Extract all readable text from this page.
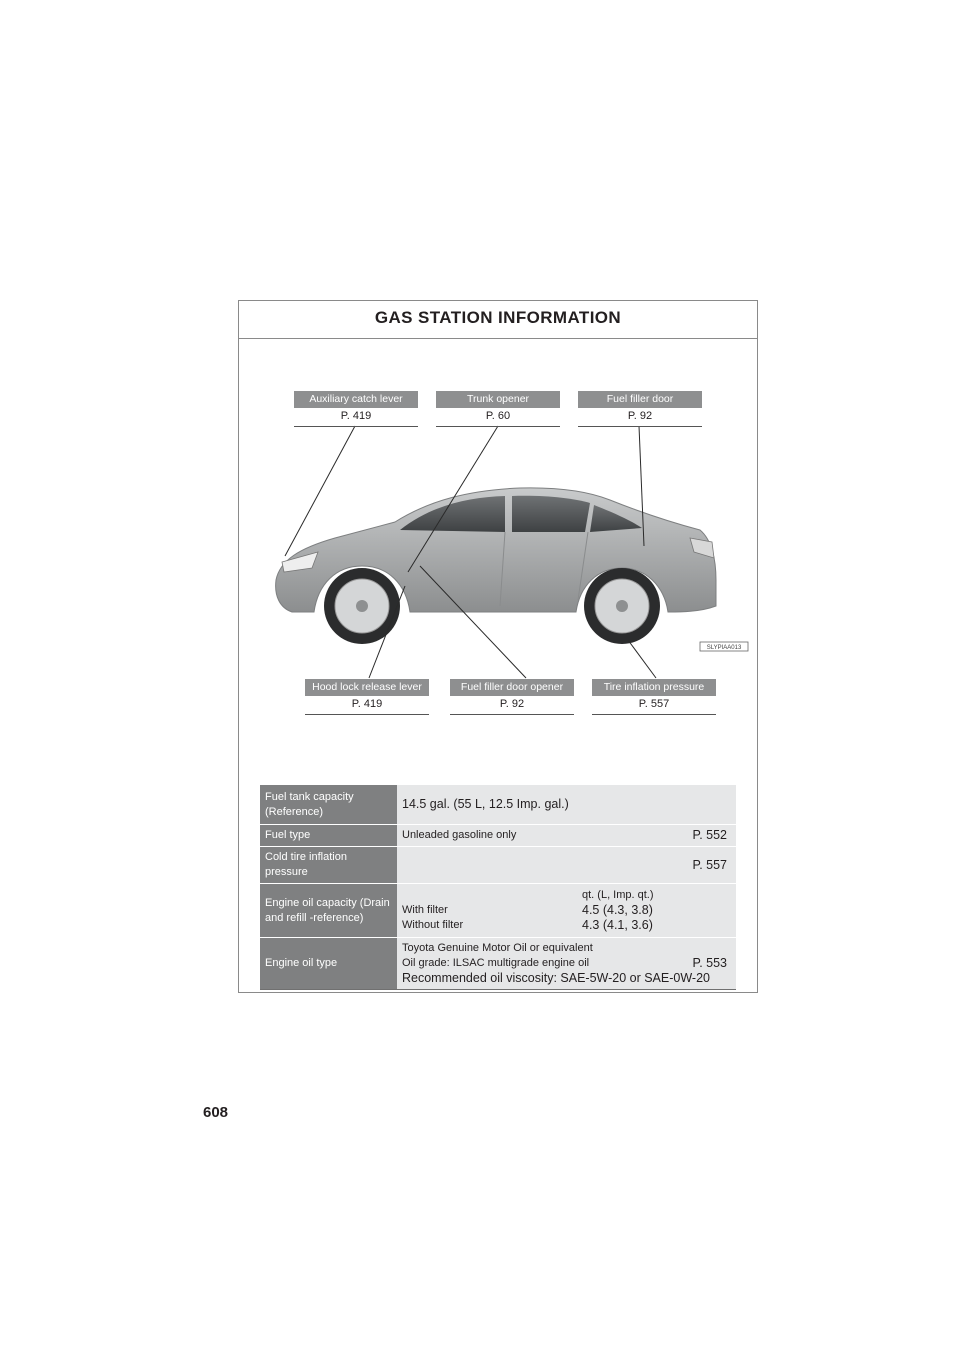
GAS STATION INFORMATION
SLYPIAA013
Auxiliary catch lever
P. 419
Trunk opener
P. 60
Fuel filler door
P. 92
Hood lock release lever
P. 419
Fuel filler door opener
P. 92
Tire inflation pressure
P. 557
Fuel tank capacity (Reference)	14.5 gal. (55 L, 12.5 Imp. gal.)
Fuel type	Unleaded gasoline only P. 552

Cold tire inflation pressure	P. 557

Engine oil capacity (Drain and refill -reference)	qt. (L, Imp. qt.)
With filter 4.5 (4.3, 3.8)
Without filter 4.3 (4.1, 3.6)

Engine oil type	Toyota Genuine Motor Oil or equivalent
Oil grade: ILSAC multigrade engine oil P. 553
Recommended oil viscosity: SAE-5W-20 or SAE-0W-20
608
